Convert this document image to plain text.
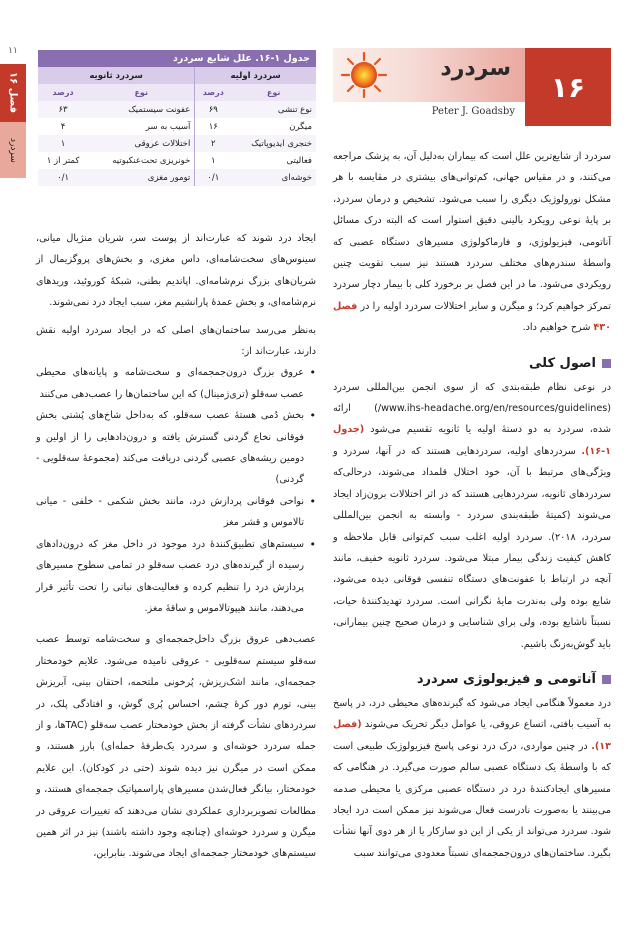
۱۱
فصل ۱۶
سردرد
جدول ۱-۱۶. علل شایع سردرد
سردرد اولیه		سردرد ثانویه	
نوع	درصد	نوع	درصد
نوع تنشی	۶۹	عفونت سیستمیک	۶۳
میگرن	۱۶	آسیب به سر	۴
خنجری ایدیوپاتیک	۲	اختلالات عروقی	۱
فعالیتی	۱	خونریزی تحت‌عنکبوتیه	کمتر از ۱
خوشه‌ای	۰/۱	تومور مغزی	۰/۱
سردرد
۱۶
Peter J. Goadsby

سردرد از شایع‌ترین علل است که بیماران به‌دلیل آن، به پزشک مراجعه می‌کنند، و در مقیاس جهانی، کم‌توانی‌های بیشتری در مقایسه با هر مشکل نورولوژیک دیگری را سبب می‌شود. تشخیص و درمان سردرد، بر پایهٔ نوعی رویکرد بالینی دقیق استوار است که البته درک مسائل آناتومی، فیزیولوژی، و فارماکولوژی مسیرهای دستگاه عصبی که واسطهٔ سندرم‌های مختلف سردرد هستند نیز سبب تقویت چنین رویکردی می‌شود. ما در این فصل بر برخورد کلی با بیمار دچار سردرد تمرکز خواهیم کرد؛ و میگرن و سایر اختلالات سردرد اولیه را در فصل ۴۳۰ شرح خواهیم داد.

اصول کلی

در نوعی نظام طبقه‌بندی که از سوی انجمن بین‌المللی سردرد (www.ihs-headache.org/en/resources/guidelines/) ارائه شده، سردرد به دو دستهٔ اولیه یا ثانویه تقسیم می‌شود (جدول ۱-۱۶). سردردهای اولیه، سردردهایی هستند که در آنها، سردرد و ویژگی‌های مرتبط با آن، خود اختلال قلمداد می‌شوند، درحالی‌که سردردهای ثانویه، سردردهایی هستند که در اثر اختلالات برون‌زاد ایجاد می‌شوند (کمیتهٔ طبقه‌بندی سردرد - وابسته به انجمن بین‌المللی سردرد، ۲۰۱۸). سردرد اولیه اغلب سبب کم‌توانی قابل ملاحظه و کاهش کیفیت زندگی بیمار مبتلا می‌شود. سردرد ثانویه خفیف، مانند آنچه در ارتباط با عفونت‌های دستگاه تنفسی فوقانی دیده می‌شود، شایع بوده ولی به‌ندرت مایهٔ نگرانی است. سردرد تهدیدکنندهٔ حیات، نسبتاً ناشایع بوده، ولی برای شناسایی و درمان صحیح چنین بیمارانی، باید گوش‌به‌زنگ باشیم.

آناتومی و فیزیولوژی سردرد

درد معمولاً هنگامی ایجاد می‌شود که گیرنده‌های محیطی درد، در پاسخ به آسیب بافتی، اتساع عروقی، یا عوامل دیگر تحریک می‌شوند (فصل ۱۳). در چنین مواردی، درک درد نوعی پاسخ فیزیولوژیک طبیعی است که با واسطهٔ یک دستگاه عصبی سالم صورت می‌گیرد. در هنگامی که مسیرهای ایجادکنندهٔ درد در دستگاه عصبی مرکزی یا محیطی صدمه می‌بینند یا به‌صورت نادرست فعال می‌شوند نیز ممکن است درد ایجاد شود. سردرد می‌تواند از یکی از این دو سازکار یا از هر دوی آنها نشأت بگیرد. ساختمان‌های درون‌جمجمه‌ای نسبتاً معدودی می‌توانند سبب

ایجاد درد شوند که عبارت‌اند از پوست سر، شریان منژیال میانی، سینوس‌های سخت‌شامه‌ای، داس مغزی، و بخش‌های پروگزیمال از شریان‌های بزرگ نرم‌شامه‌ای. اپاندیم بطنی، شبکهٔ کوروئید، وریدهای نرم‌شامه‌ای، و بخش عمدهٔ پارانشیم مغز، سبب ایجاد درد نمی‌شوند.

به‌نظر می‌رسد ساختمان‌های اصلی که در ایجاد سردرد اولیه نقش دارند، عبارت‌اند از:

• عروق بزرگ درون‌جمجمه‌ای و سخت‌شامه و پایانه‌های محیطی عصب سه‌قلو (تری‌ژمینال) که این ساختمان‌ها را عصب‌دهی می‌کنند
• بخش دُمی هستهٔ عصب سه‌قلو، که به‌داخل شاخ‌های پُشتی بخش فوقانی نخاع گردنی گسترش یافته و درون‌دادهایی را از اولین و دومین ریشه‌های عصبی گردنی دریافت می‌کند (مجموعهٔ سه‌قلویی - گردنی)
• نواحی فوقانی پردازش درد، مانند بخش شکمی - خلفی - میانی تالاموس و قشر مغز
• سیستم‌های تطبیق‌کنندهٔ درد موجود در داخل مغز که درون‌دادهای رسیده از گیرنده‌های درد عصب سه‌قلو در تمامی سطوح مسیرهای پردازش درد را تنظیم کرده و فعالیت‌های نباتی را تحت تأثیر قرار می‌دهند، مانند هیپوتالاموس و ساقهٔ مغز.

عصب‌دهی عروق بزرگ داخل‌جمجمه‌ای و سخت‌شامه توسط عصب سه‌قلو سیستم سه‌قلویی - عروقی نامیده می‌شود. علایم خودمختار جمجمه‌ای، مانند اشک‌ریزش، پُرخونی ملتحمه، احتقان بینی، آبریزش بینی، تورم دور کرهٔ چشم، احساس پُری گوش، و افتادگی پلک، در سردردهای نشأت گرفته از بخش خودمختار عصب سه‌قلو (TACها، و از جمله سردرد خوشه‌ای و سردرد یک‌طرفهٔ حمله‌ای) بارز هستند، و ممکن است در میگرن نیز دیده شوند (حتی در کودکان). این علایم خودمختار، بیانگر فعال‌شدن مسیرهای پاراسمپاتیک جمجمه‌ای هستند، و مطالعات تصویربرداری عملکردی نشان می‌دهند که تغییرات عروقی در میگرن و سردرد خوشه‌ای (چنانچه وجود داشته باشند) نیز در اثر همین سیستم‌های خودمختار جمجمه‌ای ایجاد می‌شوند. بنابراین،
